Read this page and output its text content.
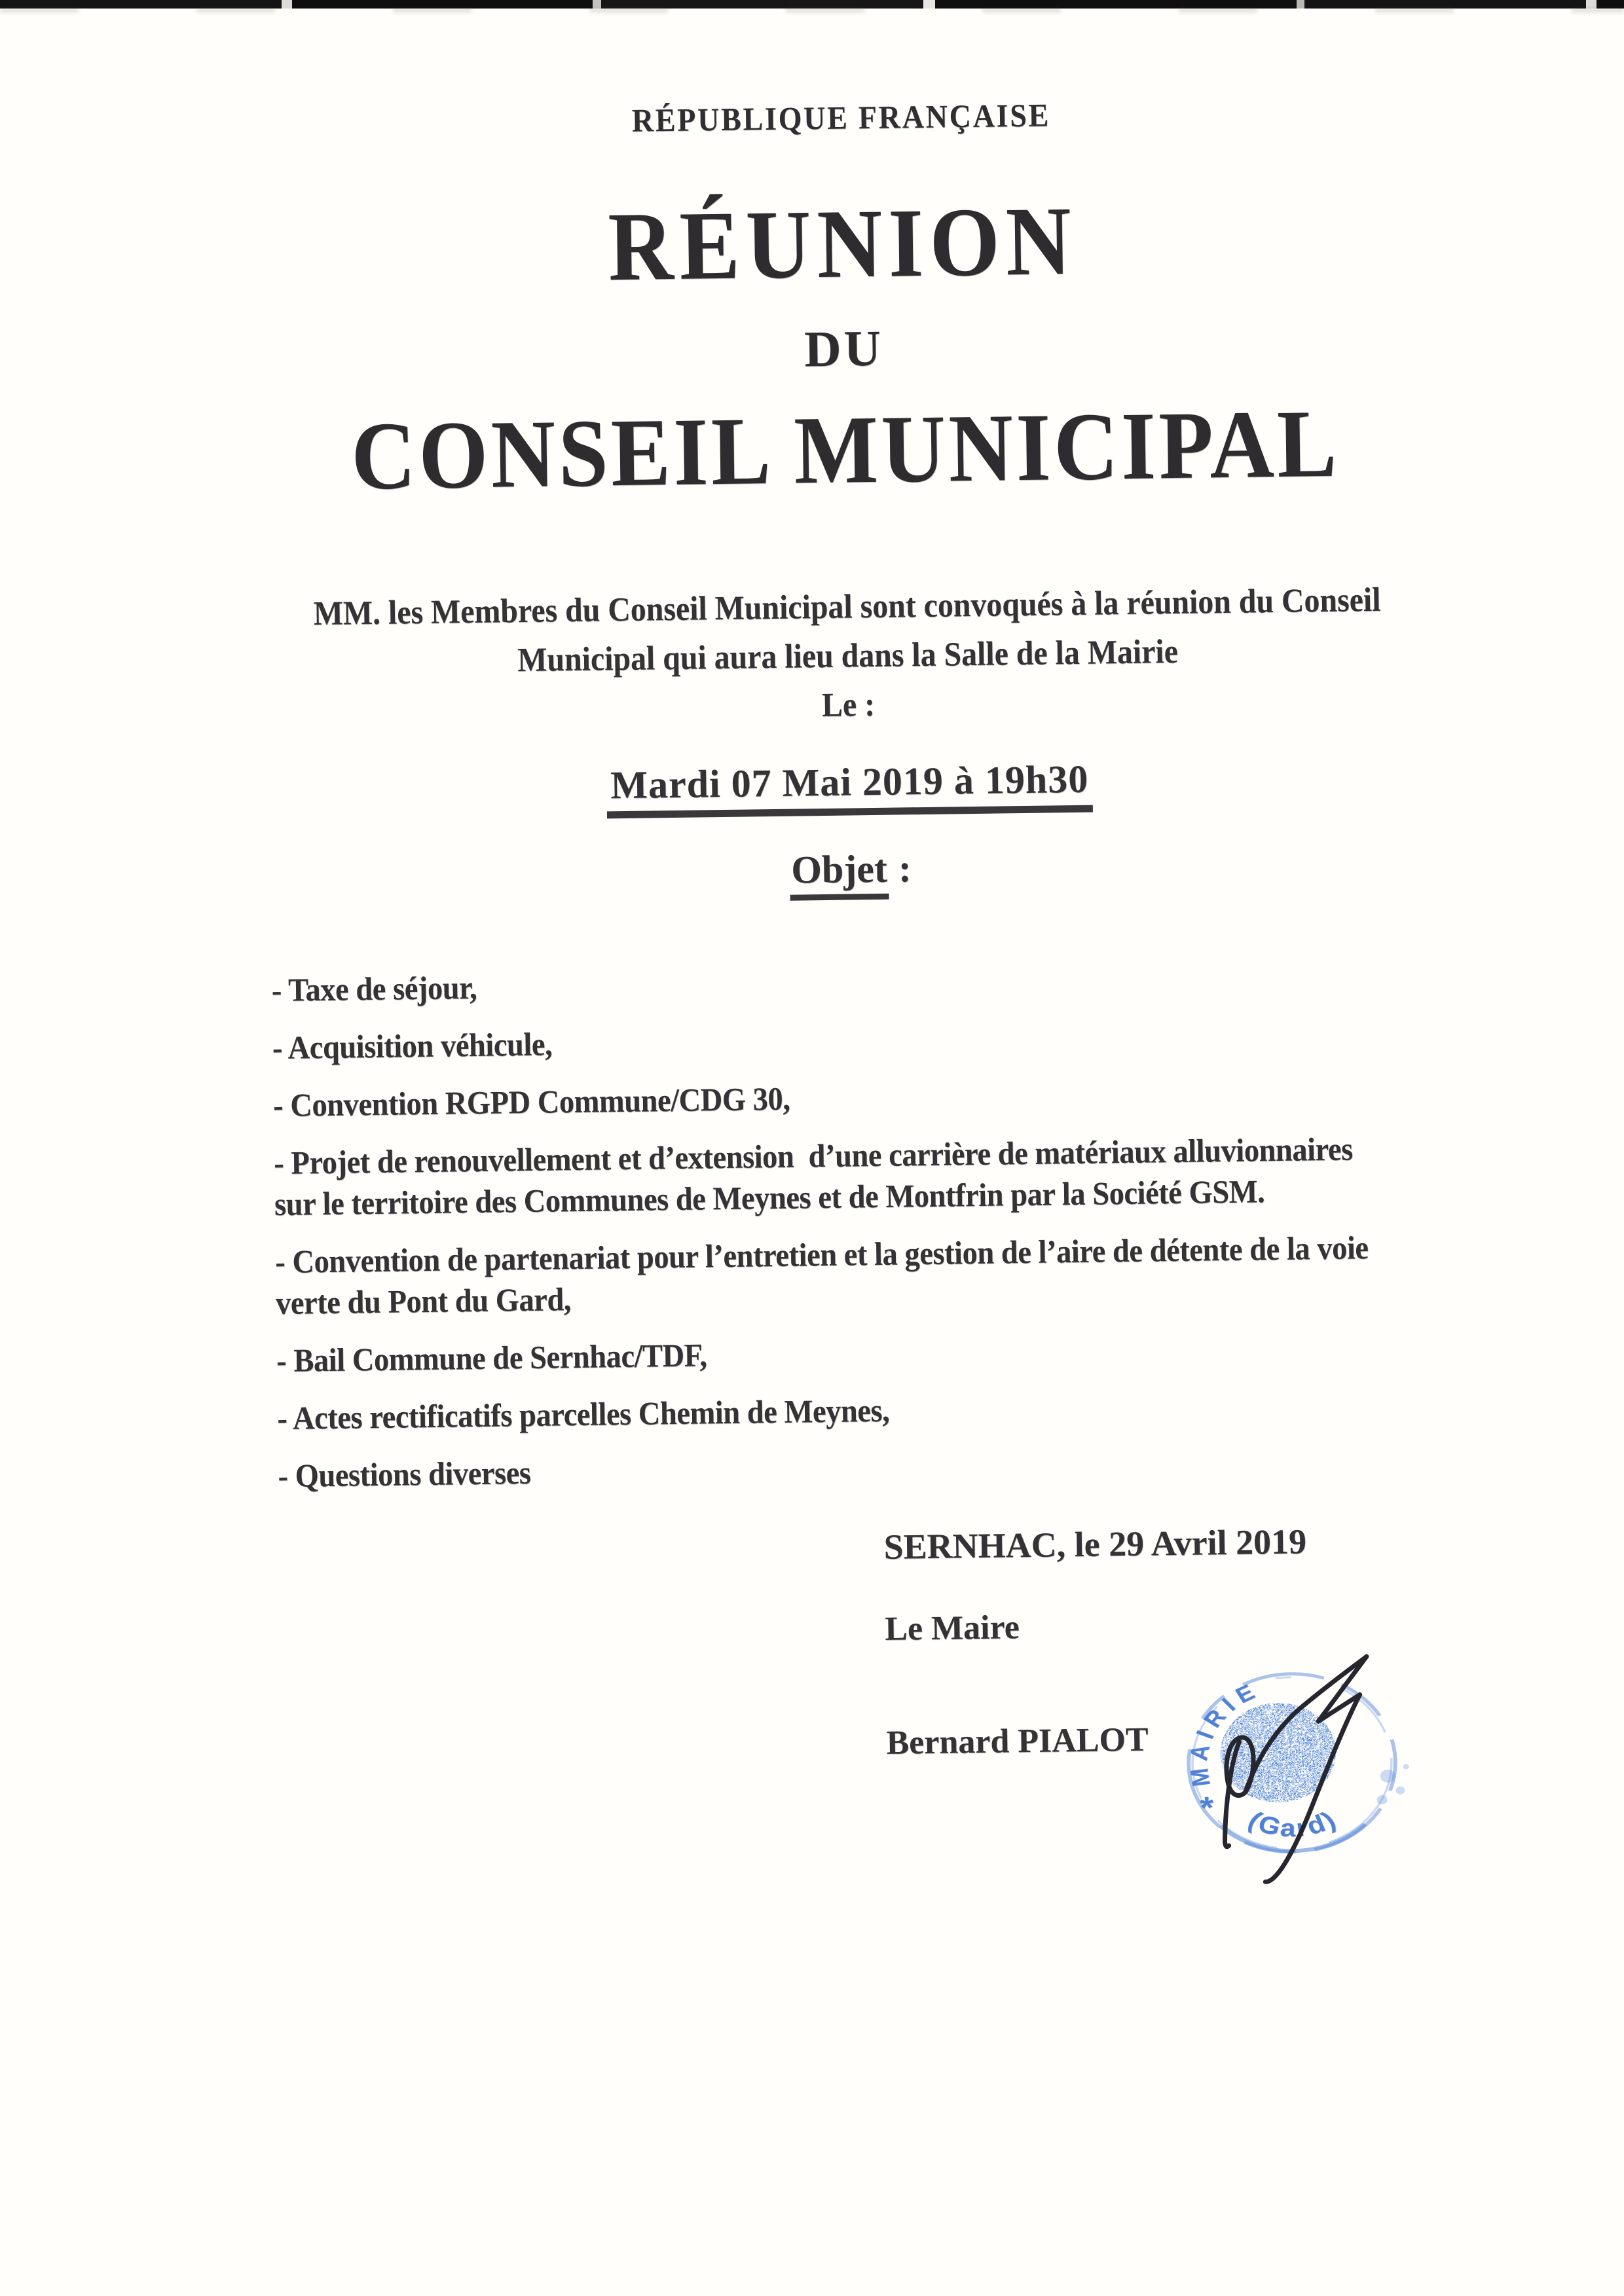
RÉPUBLIQUE FRANÇAISE
RÉUNION
DU
CONSEIL MUNICIPAL
MM. les Membres du Conseil Municipal sont convoqués à la réunion du Conseil
Municipal qui aura lieu dans la Salle de la Mairie
Le :
Mardi 07 Mai 2019 à 19h30
Objet :
- Taxe de séjour,
- Acquisition véhicule,
- Convention RGPD Commune/CDG 30,
- Projet de renouvellement et d’extension  d’une carrière de matériaux alluvionnaires
sur le territoire des Communes de Meynes et de Montfrin par la Société GSM.
- Convention de partenariat pour l’entretien et la gestion de l’aire de détente de la voie
verte du Pont du Gard,
- Bail Commune de Sernhac/TDF,
- Actes rectificatifs parcelles Chemin de Meynes,
- Questions diverses
SERNHAC, le 29 Avril 2019
Le Maire
Bernard PIALOT
MAIRIE
(Gard)
*
